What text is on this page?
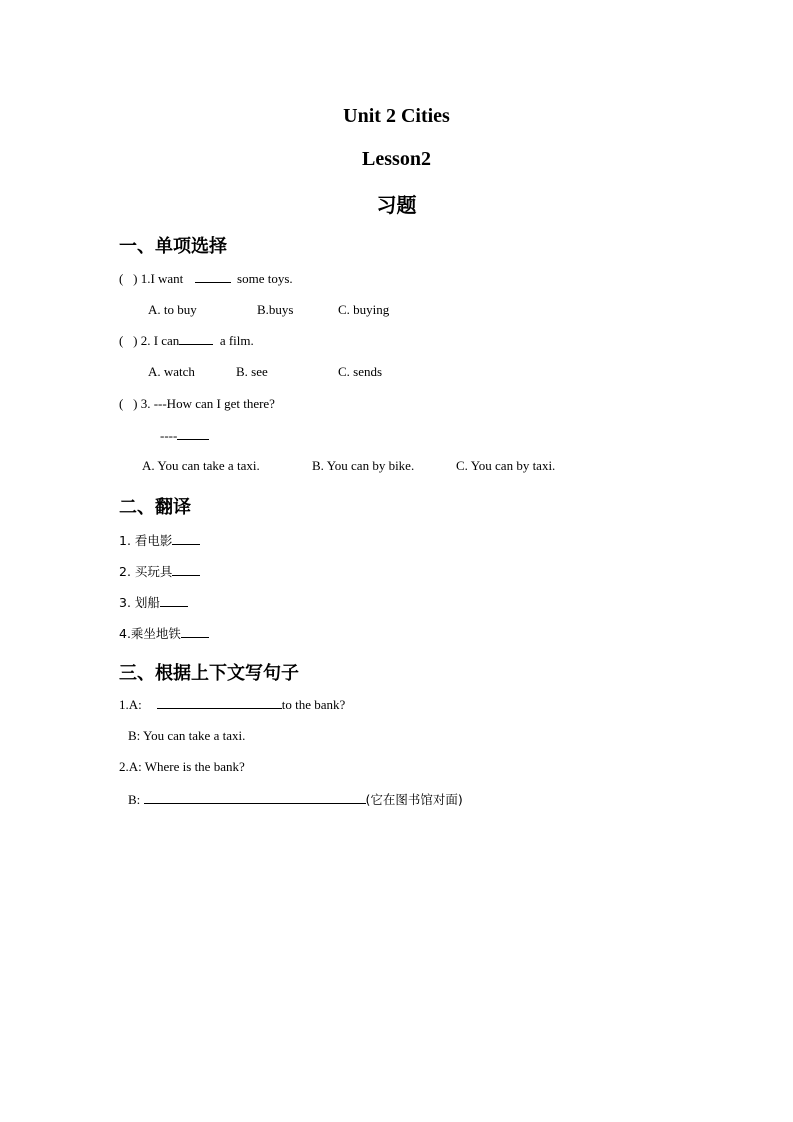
Unit 2 Cities
Lesson2
习题
一、单项选择
( ) 1.I want	some toys.
A. to buy	B.buys	C. buying
( ) 2. I can	a film.
A. watch	B. see	C. sends
( ) 3. ---How can I get there?
----
A. You can take a taxi.	B. You can by bike.	C. You can by taxi.
二、翻译
1. 看电影
2. 买玩具
3. 划船
4.乘坐地铁
三、根据上下文写句子
1.A:	to the bank?
B: You can take a taxi.
2.A: Where is the bank?
B:	(它在图书馆对面)
